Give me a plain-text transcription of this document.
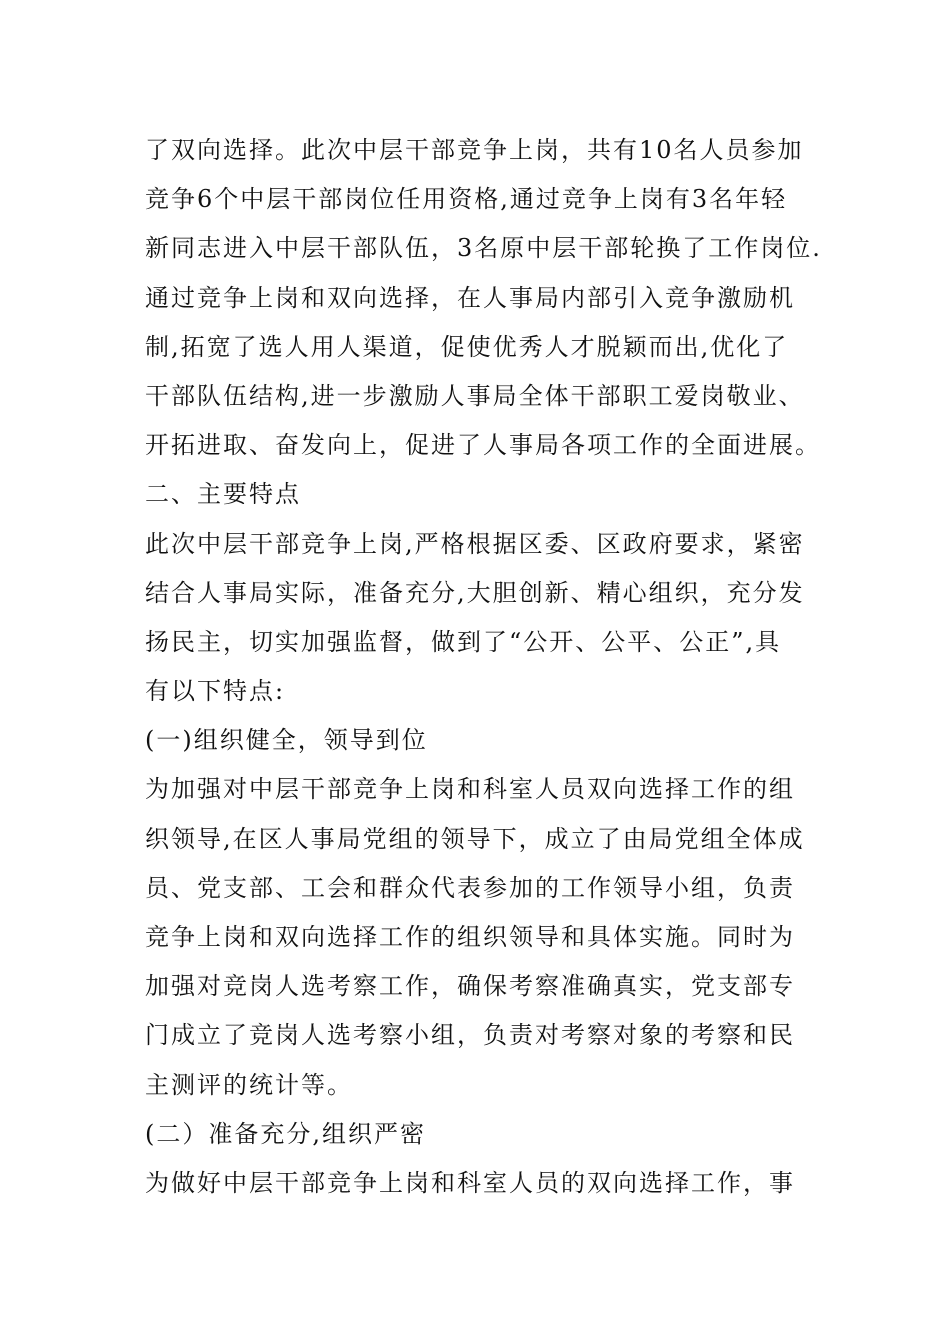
了双向选择。此次中层干部竞争上岗，共有10名人员参加
竞争6个中层干部岗位任用资格,通过竞争上岗有3名年轻
新同志进入中层干部队伍，3名原中层干部轮换了工作岗位.
通过竞争上岗和双向选择，在人事局内部引入竞争激励机
制,拓宽了选人用人渠道，促使优秀人才脱颖而出,优化了
干部队伍结构,进一步激励人事局全体干部职工爱岗敬业、
开拓进取、奋发向上，促进了人事局各项工作的全面进展。
二、主要特点
此次中层干部竞争上岗,严格根据区委、区政府要求，紧密
结合人事局实际，准备充分,大胆创新、精心组织，充分发
扬民主，切实加强监督，做到了“公开、公平、公正”,具
有以下特点:
(一)组织健全，领导到位
为加强对中层干部竞争上岗和科室人员双向选择工作的组
织领导,在区人事局党组的领导下，成立了由局党组全体成
员、党支部、工会和群众代表参加的工作领导小组，负责
竞争上岗和双向选择工作的组织领导和具体实施。同时为
加强对竞岗人选考察工作，确保考察准确真实，党支部专
门成立了竞岗人选考察小组，负责对考察对象的考察和民
主测评的统计等。
(二）准备充分,组织严密
为做好中层干部竞争上岗和科室人员的双向选择工作，事
